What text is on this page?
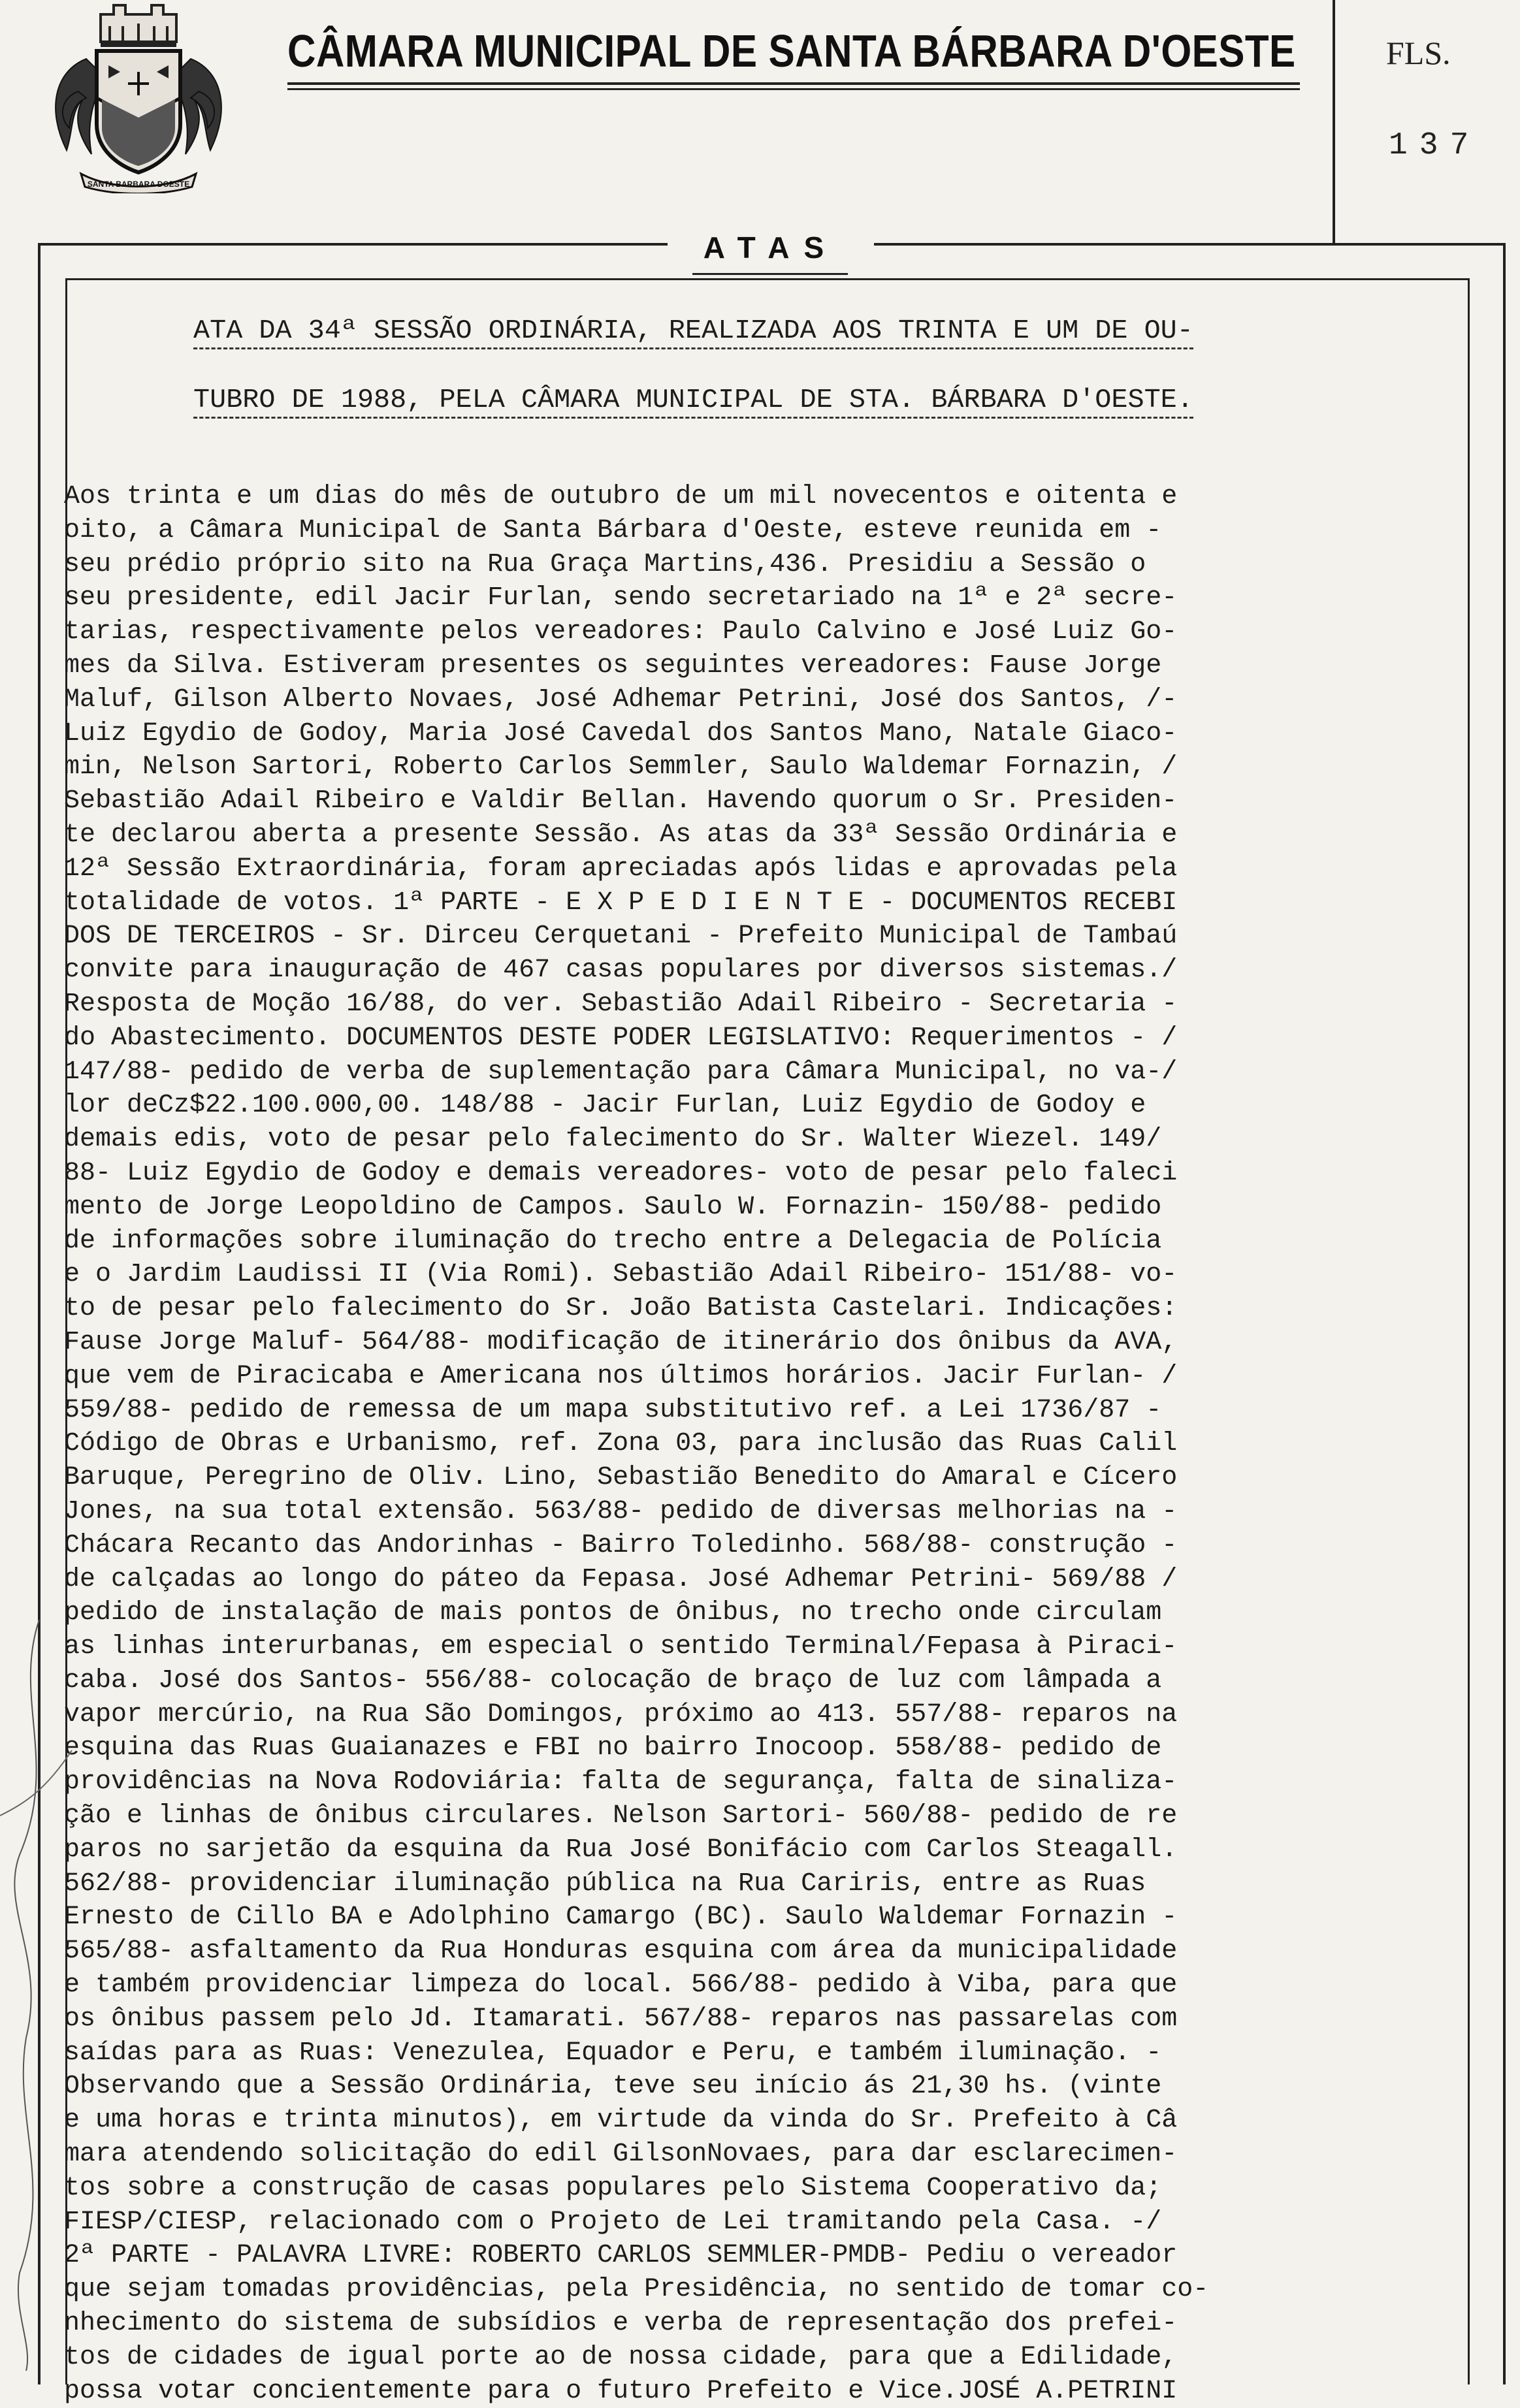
SANTA BARBARA DOESTE
CÂMARA MUNICIPAL DE SANTA BÁRBARA D'OESTE	FLS.
137
ATAS
ATA DA 34ª SESSÃO ORDINÁRIA, REALIZADA AOS TRINTA E UM DE OU-
TUBRO DE 1988, PELA CÂMARA MUNICIPAL DE STA. BÁRBARA D'OESTE.
Aos trinta e um dias do mês de outubro de um mil novecentos e oitenta e
oito, a Câmara Municipal de Santa Bárbara d'Oeste, esteve reunida em -
seu prédio próprio sito na Rua Graça Martins,436. Presidiu a Sessão o
seu presidente, edil Jacir Furlan, sendo secretariado na 1ª e 2ª secre-
tarias, respectivamente pelos vereadores: Paulo Calvino e José Luiz Go-
mes da Silva. Estiveram presentes os seguintes vereadores: Fause Jorge
Maluf, Gilson Alberto Novaes, José Adhemar Petrini, José dos Santos, /-
Luiz Egydio de Godoy, Maria José Cavedal dos Santos Mano, Natale Giaco-
min, Nelson Sartori, Roberto Carlos Semmler, Saulo Waldemar Fornazin, /
Sebastião Adail Ribeiro e Valdir Bellan. Havendo quorum o Sr. Presiden-
te declarou aberta a presente Sessão. As atas da 33ª Sessão Ordinária e
12ª Sessão Extraordinária, foram apreciadas após lidas e aprovadas pela
totalidade de votos. 1ª PARTE - E X P E D I E N T E - DOCUMENTOS RECEBI
DOS DE TERCEIROS - Sr. Dirceu Cerquetani - Prefeito Municipal de Tambaú
convite para inauguração de 467 casas populares por diversos sistemas./
Resposta de Moção 16/88, do ver. Sebastião Adail Ribeiro - Secretaria -
do Abastecimento. DOCUMENTOS DESTE PODER LEGISLATIVO: Requerimentos - /
147/88- pedido de verba de suplementação para Câmara Municipal, no va-/
lor deCz$22.100.000,00. 148/88 - Jacir Furlan, Luiz Egydio de Godoy e
demais edis, voto de pesar pelo falecimento do Sr. Walter Wiezel. 149/
88- Luiz Egydio de Godoy e demais vereadores- voto de pesar pelo faleci
mento de Jorge Leopoldino de Campos. Saulo W. Fornazin- 150/88- pedido
de informações sobre iluminação do trecho entre a Delegacia de Polícia
e o Jardim Laudissi II (Via Romi). Sebastião Adail Ribeiro- 151/88- vo-
to de pesar pelo falecimento do Sr. João Batista Castelari. Indicações:
Fause Jorge Maluf- 564/88- modificação de itinerário dos ônibus da AVA,
que vem de Piracicaba e Americana nos últimos horários. Jacir Furlan- /
559/88- pedido de remessa de um mapa substitutivo ref. a Lei 1736/87 -
Código de Obras e Urbanismo, ref. Zona 03, para inclusão das Ruas Calil
Baruque, Peregrino de Oliv. Lino, Sebastião Benedito do Amaral e Cícero
Jones, na sua total extensão. 563/88- pedido de diversas melhorias na -
Chácara Recanto das Andorinhas - Bairro Toledinho. 568/88- construção -
de calçadas ao longo do páteo da Fepasa. José Adhemar Petrini- 569/88 /
pedido de instalação de mais pontos de ônibus, no trecho onde circulam
as linhas interurbanas, em especial o sentido Terminal/Fepasa à Piraci-
caba. José dos Santos- 556/88- colocação de braço de luz com lâmpada a
vapor mercúrio, na Rua São Domingos, próximo ao 413. 557/88- reparos na
esquina das Ruas Guaianazes e FBI no bairro Inocoop. 558/88- pedido de
providências na Nova Rodoviária: falta de segurança, falta de sinaliza-
ção e linhas de ônibus circulares. Nelson Sartori- 560/88- pedido de re
paros no sarjetão da esquina da Rua José Bonifácio com Carlos Steagall.
562/88- providenciar iluminação pública na Rua Cariris, entre as Ruas
Ernesto de Cillo BA e Adolphino Camargo (BC). Saulo Waldemar Fornazin -
565/88- asfaltamento da Rua Honduras esquina com área da municipalidade
e também providenciar limpeza do local. 566/88- pedido à Viba, para que
os ônibus passem pelo Jd. Itamarati. 567/88- reparos nas passarelas com
saídas para as Ruas: Venezulea, Equador e Peru, e também iluminação. -
Observando que a Sessão Ordinária, teve seu início ás 21,30 hs. (vinte
e uma horas e trinta minutos), em virtude da vinda do Sr. Prefeito à Câ
mara atendendo solicitação do edil GilsonNovaes, para dar esclarecimen-
tos sobre a construção de casas populares pelo Sistema Cooperativo da;
FIESP/CIESP, relacionado com o Projeto de Lei tramitando pela Casa. -/
2ª PARTE - PALAVRA LIVRE: ROBERTO CARLOS SEMMLER-PMDB- Pediu o vereador
que sejam tomadas providências, pela Presidência, no sentido de tomar co-
nhecimento do sistema de subsídios e verba de representação dos prefei-
tos de cidades de igual porte ao de nossa cidade, para que a Edilidade,
possa votar concientemente para o futuro Prefeito e Vice.JOSÉ A.PETRINI
